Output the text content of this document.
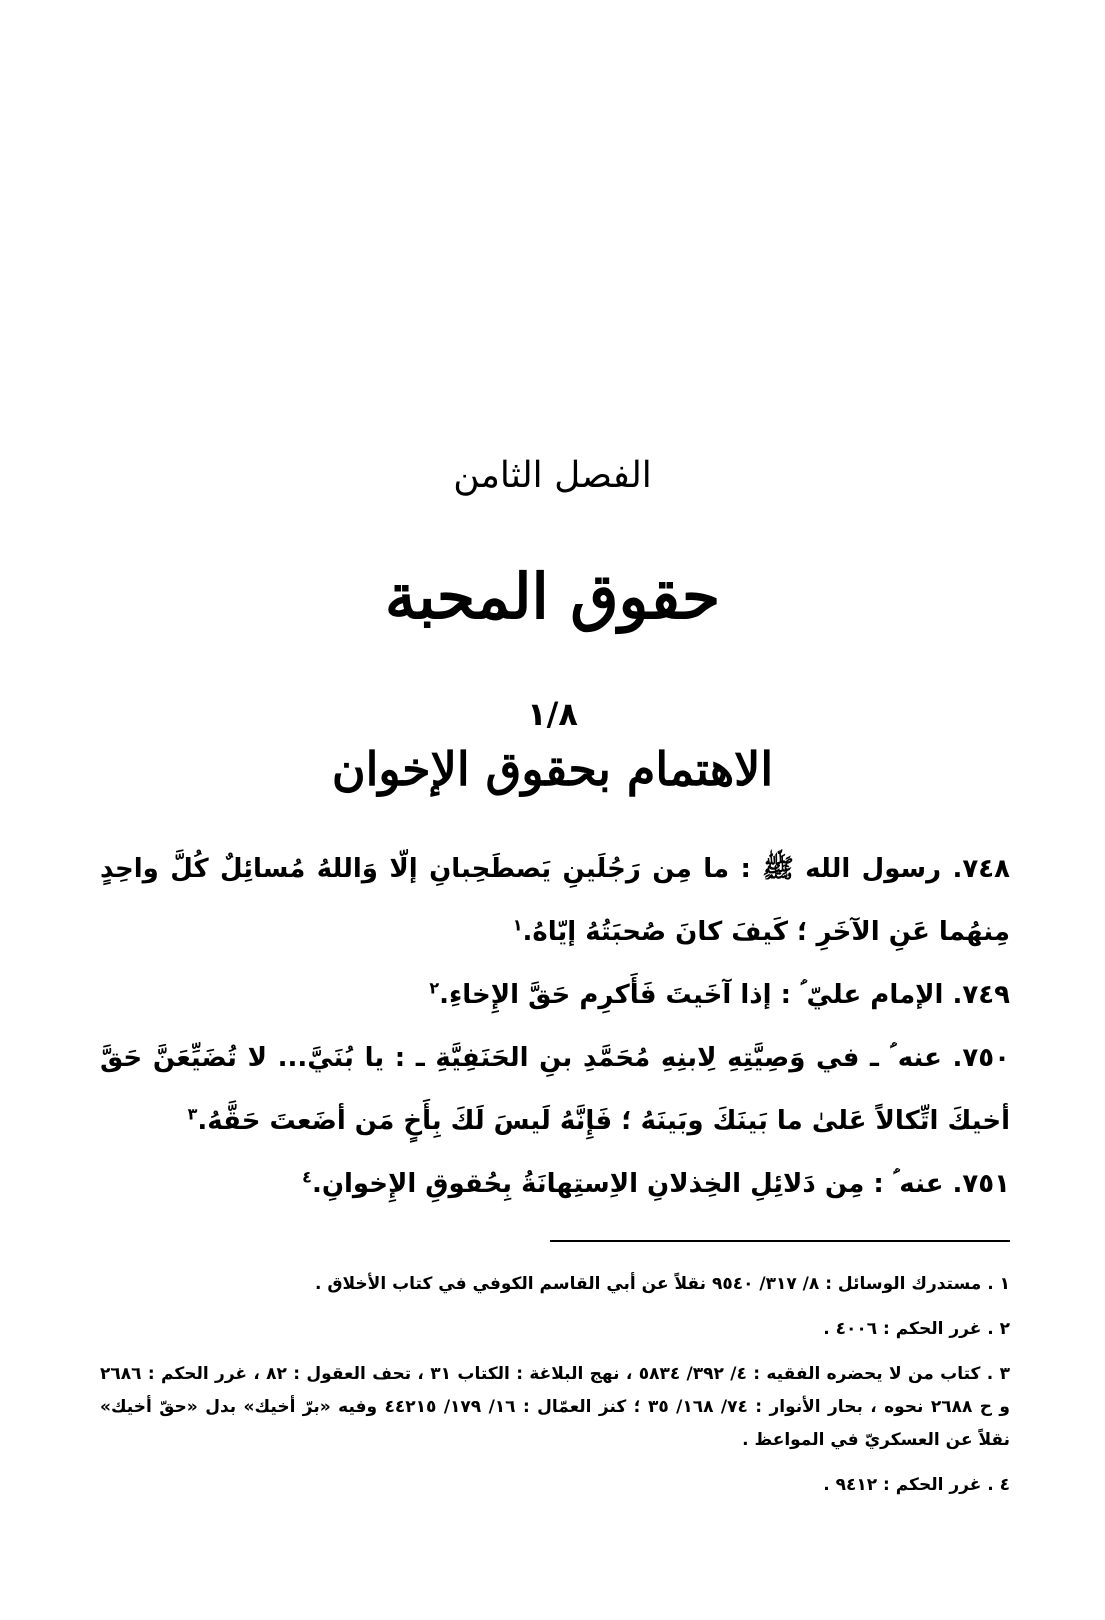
الفصل الثامن
حقوق المحبة
١/٨
الاهتمام بحقوق الإخوان
٧٤٨. رسول الله ﷺ : ما مِن رَجُلَينِ يَصطَحِبانِ إلّا وَاللهُ مُسائِلٌ كُلَّ واحِدٍ مِنهُما عَنِ الآخَرِ ؛ كَيفَ كانَ صُحبَتُهُ إيّاهُ.$^١$
٧٤٩. الإمام عليّ ؑ : إذا آخَيتَ فَأَكرِم حَقَّ الإِخاءِ.$^٢$
٧٥٠. عنه ؑ ـ في وَصِيَّتِهِ لِابنِهِ مُحَمَّدِ بنِ الحَنَفِيَّةِ ـ : يا بُنَيَّ... لا تُضَيِّعَنَّ حَقَّ أخيكَ اتِّكالاً عَلىٰ ما بَينَكَ وبَينَهُ ؛ فَإِنَّهُ لَيسَ لَكَ بِأَخٍ مَن أضَعتَ حَقَّهُ.$^٣$
٧٥١. عنه ؑ : مِن دَلائِلِ الخِذلانِ الاِستِهانَةُ بِحُقوقِ الإِخوانِ.$^٤$
١ . مستدرك الوسائل : ٨/ ٣١٧/ ٩٥٤٠ نقلاً عن أبي القاسم الكوفي في كتاب الأخلاق .
٢ . غرر الحكم : ٤٠٠٦ .
٣ . كتاب من لا يحضره الفقيه : ٤/ ٣٩٢/ ٥٨٣٤ ، نهج البلاغة : الكتاب ٣١ ، تحف العقول : ٨٢ ، غرر الحكم : ٢٦٨٦ و ح ٢٦٨٨ نحوه ، بحار الأنوار : ٧٤/ ١٦٨/ ٣٥ ؛ كنز العمّال : ١٦/ ١٧٩/ ٤٤٢١٥ وفيه «برّ أخيك» بدل «حقّ أخيك» نقلاً عن العسكريّ في المواعظ .
٤ . غرر الحكم : ٩٤١٢ .
